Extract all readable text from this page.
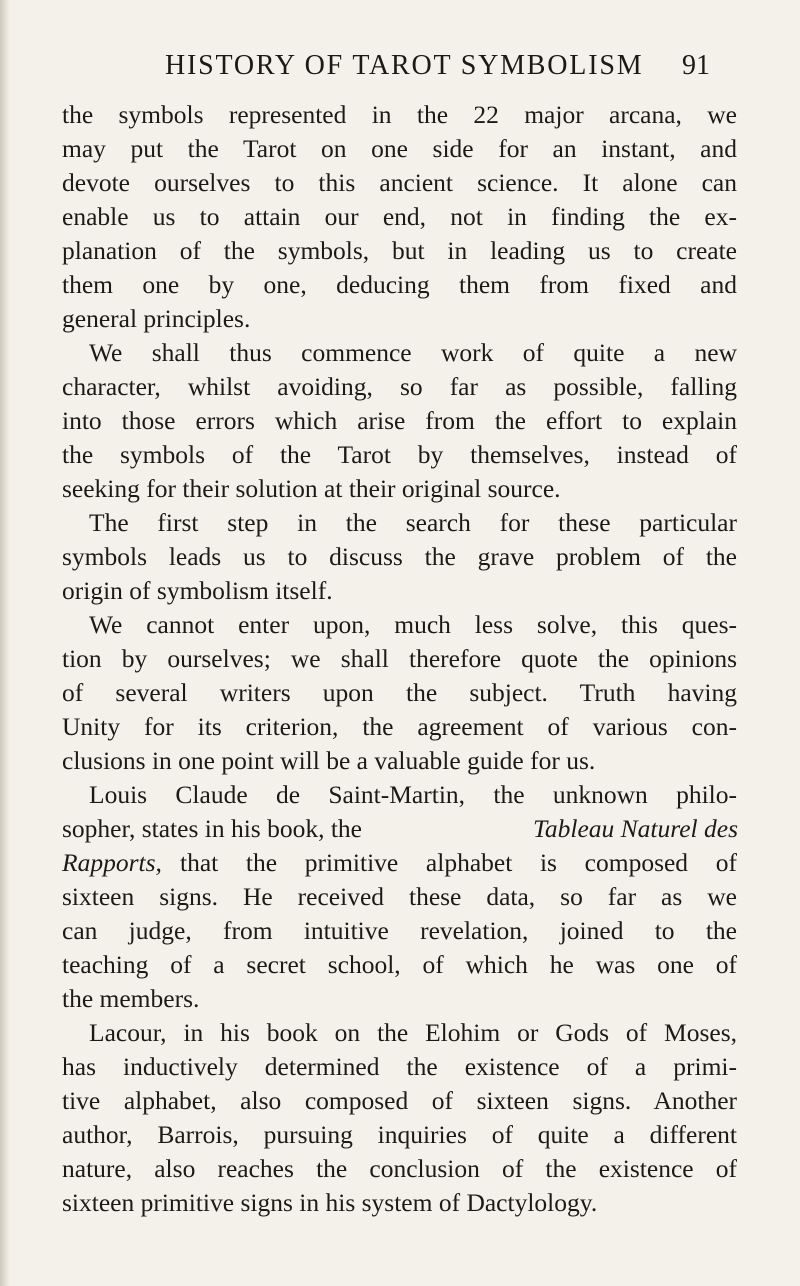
HISTORY OF TAROT SYMBOLISM 91
the symbols represented in the 22 major arcana, we
may put the Tarot on one side for an instant, and
devote ourselves to this ancient science. It alone can
enable us to attain our end, not in finding the ex-
planation of the symbols, but in leading us to create
them one by one, deducing them from fixed and
general principles.
We shall thus commence work of quite a new
character, whilst avoiding, so far as possible, falling
into those errors which arise from the effort to explain
the symbols of the Tarot by themselves, instead of
seeking for their solution at their original source.
The first step in the search for these particular
symbols leads us to discuss the grave problem of the
origin of symbolism itself.
We cannot enter upon, much less solve, this ques-
tion by ourselves; we shall therefore quote the opinions
of several writers upon the subject. Truth having
Unity for its criterion, the agreement of various con-
clusions in one point will be a valuable guide for us.
Louis Claude de Saint-Martin, the unknown philo-
sopher, states in his book, the	Tableau Naturel des
Rapports, that the primitive alphabet is composed of
sixteen signs. He received these data, so far as we
can judge, from intuitive revelation, joined to the
teaching of a secret school, of which he was one of
the members.
Lacour, in his book on the Elohim or Gods of Moses,
has inductively determined the existence of a primi-
tive alphabet, also composed of sixteen signs. Another
author, Barrois, pursuing inquiries of quite a different
nature, also reaches the conclusion of the existence of
sixteen primitive signs in his system of Dactylology.
